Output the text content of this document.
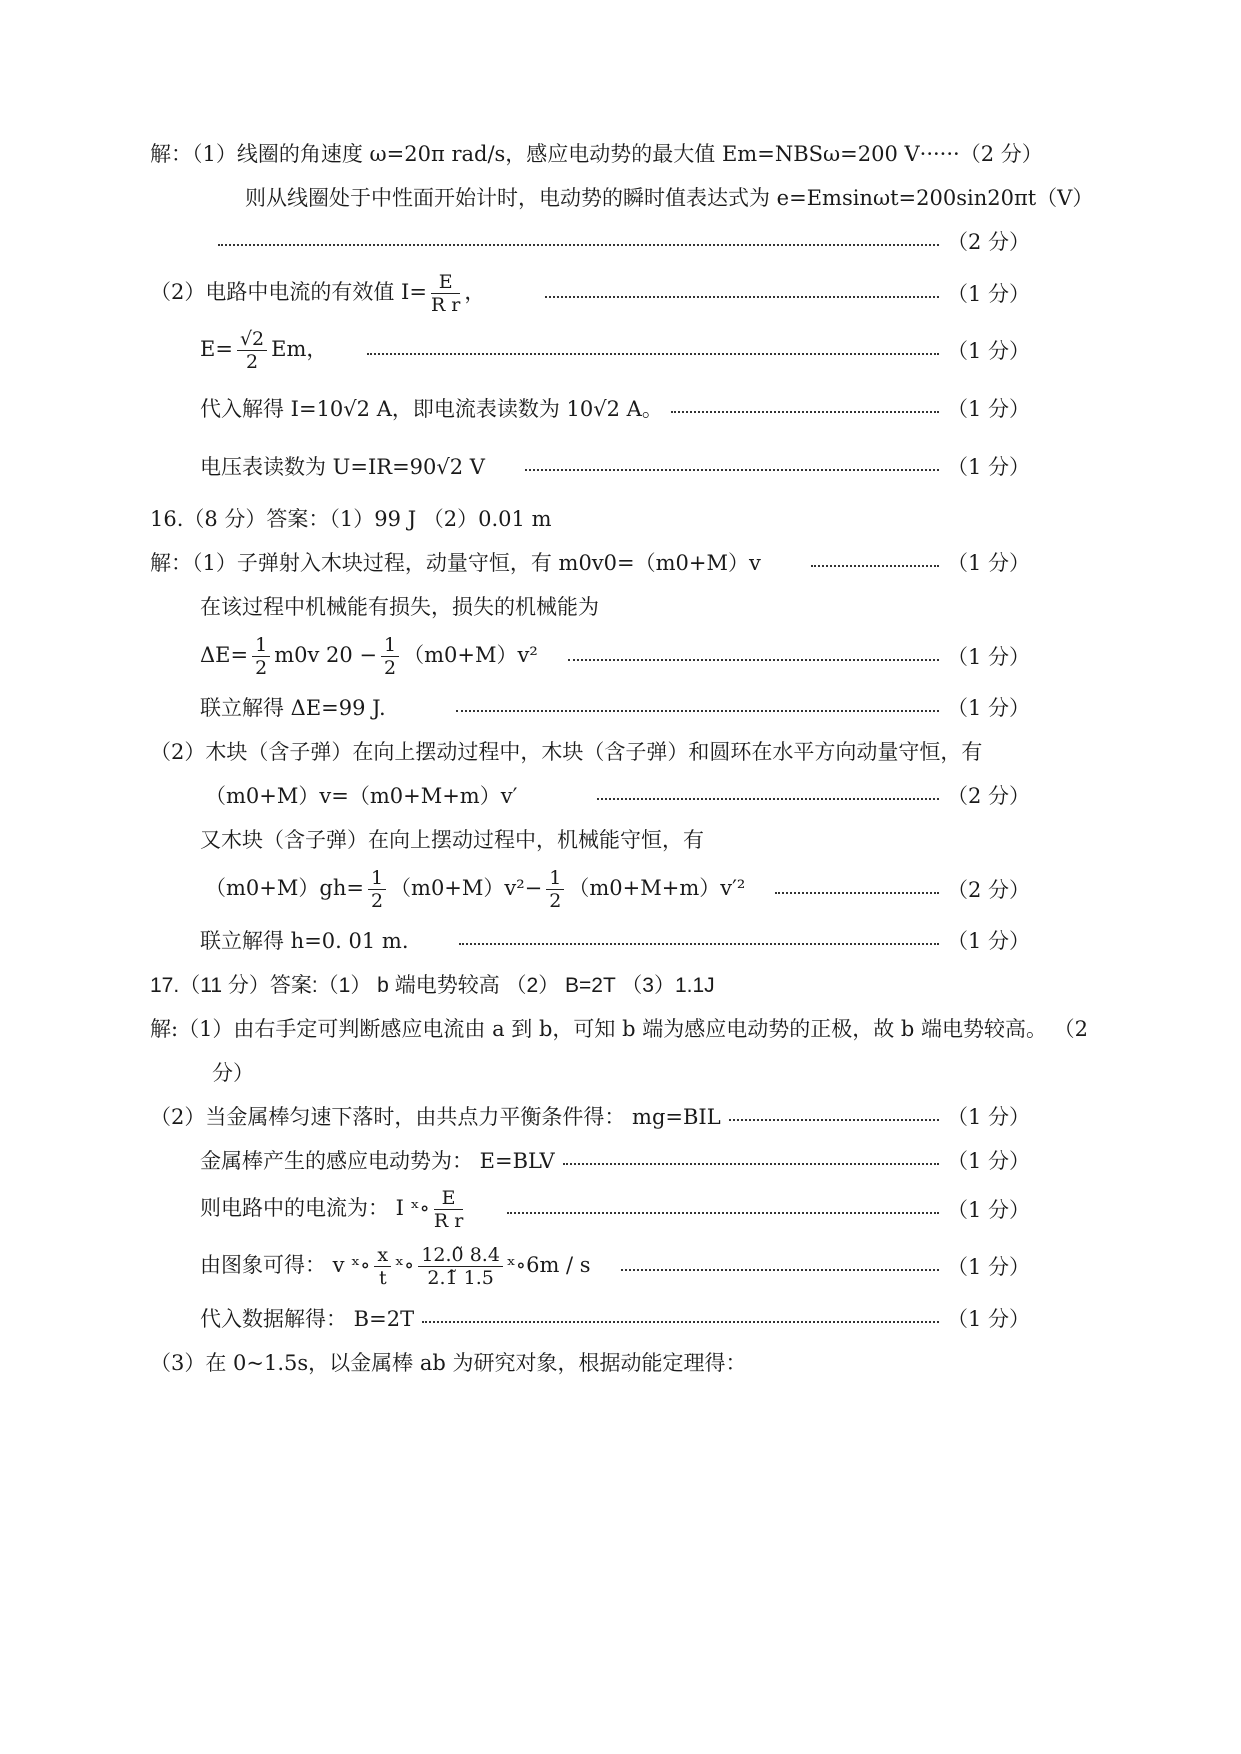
解：（1）线圈的角速度 ω=20π rad/s，感应电动势的最大值 Em=NBSω=200 V······ （2 分）
则从线圈处于中性面开始计时，电动势的瞬时值表达式为 e=Emsinωt=200sin20πt（V）
（2 分）
（2）电路中电流的有效值 $I= \frac{E}{\text{R r}}$ ，	（1 分）
$E= \frac{√2}{2}$ Em，	（1 分）
代入解得 I=10√2 A，即电流表读数为 10√2 A。	（1 分）
电压表读数为 U=IR=90√2 V	（1 分）
16.（8 分）答案：（1）99 J （2）0.01 m
解：（1）子弹射入木块过程，动量守恒，有 m0v0=（m0+M）v	（1 分）
在该过程中机械能有损失，损失的机械能为
$\Delta E= \frac{1}{2} m0v$ $20 - \frac{1}{2} (m0+M)v^2$	（1 分）
联立解得 ΔE=99 J.	（1 分）
（2）木块（含子弹）在向上摆动过程中，木块（含子弹）和圆环在水平方向动量守恒，有
（m0+M）v=（m0+M+m）v′	（2 分）
又木块（含子弹）在向上摆动过程中，机械能守恒，有
$(m0+M)gh= \frac{1}{2} (m0+M)v^2- \frac{1}{2} (m0+M+m)v'^2$	（2 分）
联立解得 h=0. 01 m.	（1 分）
17.（11 分）答案:（1） b 端电势较高 （2） B=2T （3）1.1J
解:（1）由右手定可判断感应电流由 a 到 b，可知 b 端为感应电动势的正极，故 b 端电势较高。 （2
分）
（2）当金属棒匀速下落时，由共点力平衡条件得： mg=BIL	（1 分）
金属棒产生的感应电动势为： E=BLV	（1 分）
则电路中的电流为： I ˣ∘ $\frac{E}{\text{R r}}$	（1 分）
由图象可得： v ˣ∘ $\frac{x}{t}$ ˣ∘ $\frac{12.0̃ 8.4}{2.1̃ 1.5}$ ˣ∘6m / s	（1 分）
代入数据解得： B=2T	（1 分）
（3）在 0~1.5s，以金属棒 ab 为研究对象，根据动能定理得：
